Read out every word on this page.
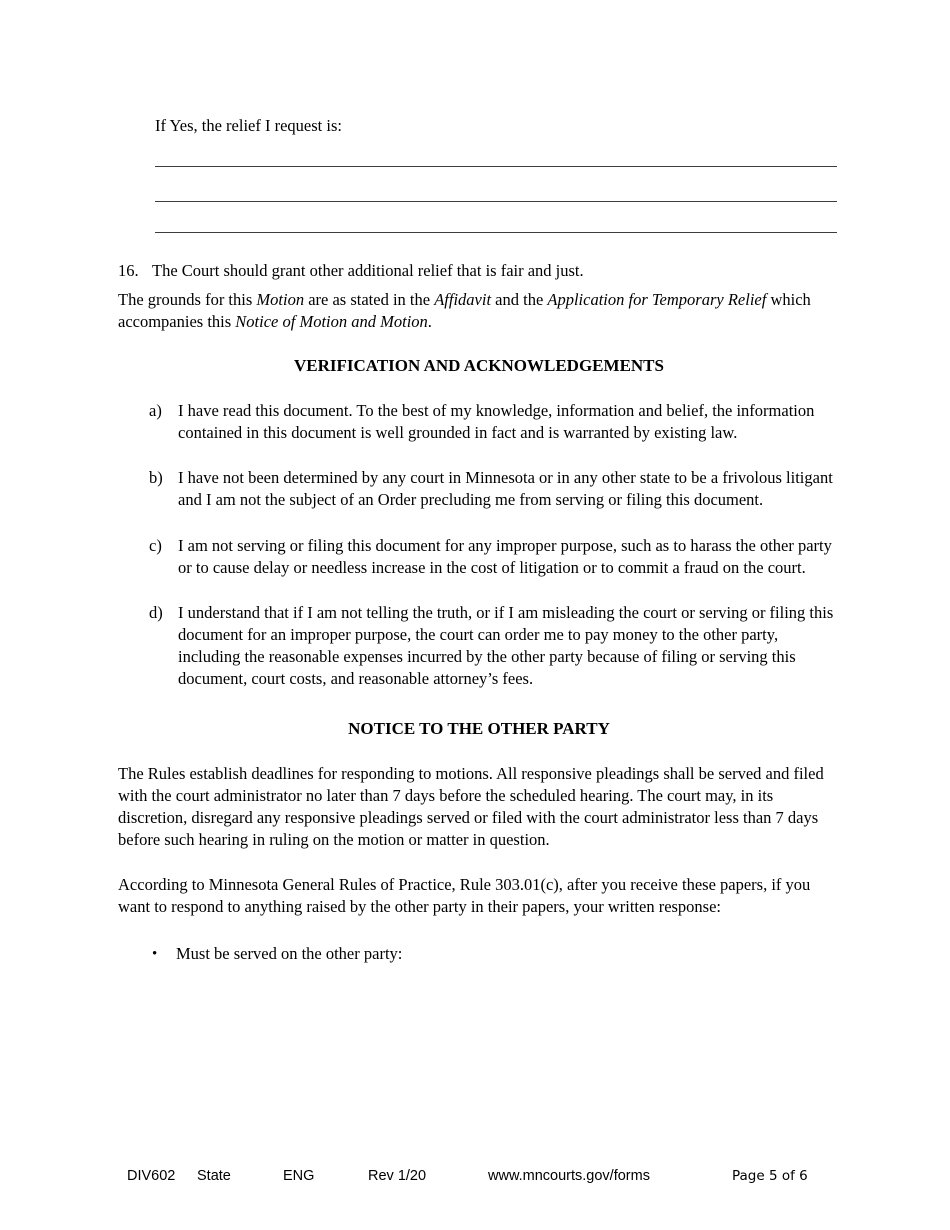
If Yes, the relief I request is:
16. The Court should grant other additional relief that is fair and just.
The grounds for this Motion are as stated in the Affidavit and the Application for Temporary Relief which accompanies this Notice of Motion and Motion.
VERIFICATION AND ACKNOWLEDGEMENTS
a) I have read this document. To the best of my knowledge, information and belief, the information contained in this document is well grounded in fact and is warranted by existing law.
b) I have not been determined by any court in Minnesota or in any other state to be a frivolous litigant and I am not the subject of an Order precluding me from serving or filing this document.
c) I am not serving or filing this document for any improper purpose, such as to harass the other party or to cause delay or needless increase in the cost of litigation or to commit a fraud on the court.
d) I understand that if I am not telling the truth, or if I am misleading the court or serving or filing this document for an improper purpose, the court can order me to pay money to the other party, including the reasonable expenses incurred by the other party because of filing or serving this document, court costs, and reasonable attorney’s fees.
NOTICE TO THE OTHER PARTY
The Rules establish deadlines for responding to motions. All responsive pleadings shall be served and filed with the court administrator no later than 7 days before the scheduled hearing. The court may, in its discretion, disregard any responsive pleadings served or filed with the court administrator less than 7 days before such hearing in ruling on the motion or matter in question.
According to Minnesota General Rules of Practice, Rule 303.01(c), after you receive these papers, if you want to respond to anything raised by the other party in their papers, your written response:
•	Must be served on the other party:
DIV602 State	ENG	Rev 1/20	www.mncourts.gov/forms	Page 5 of 6
